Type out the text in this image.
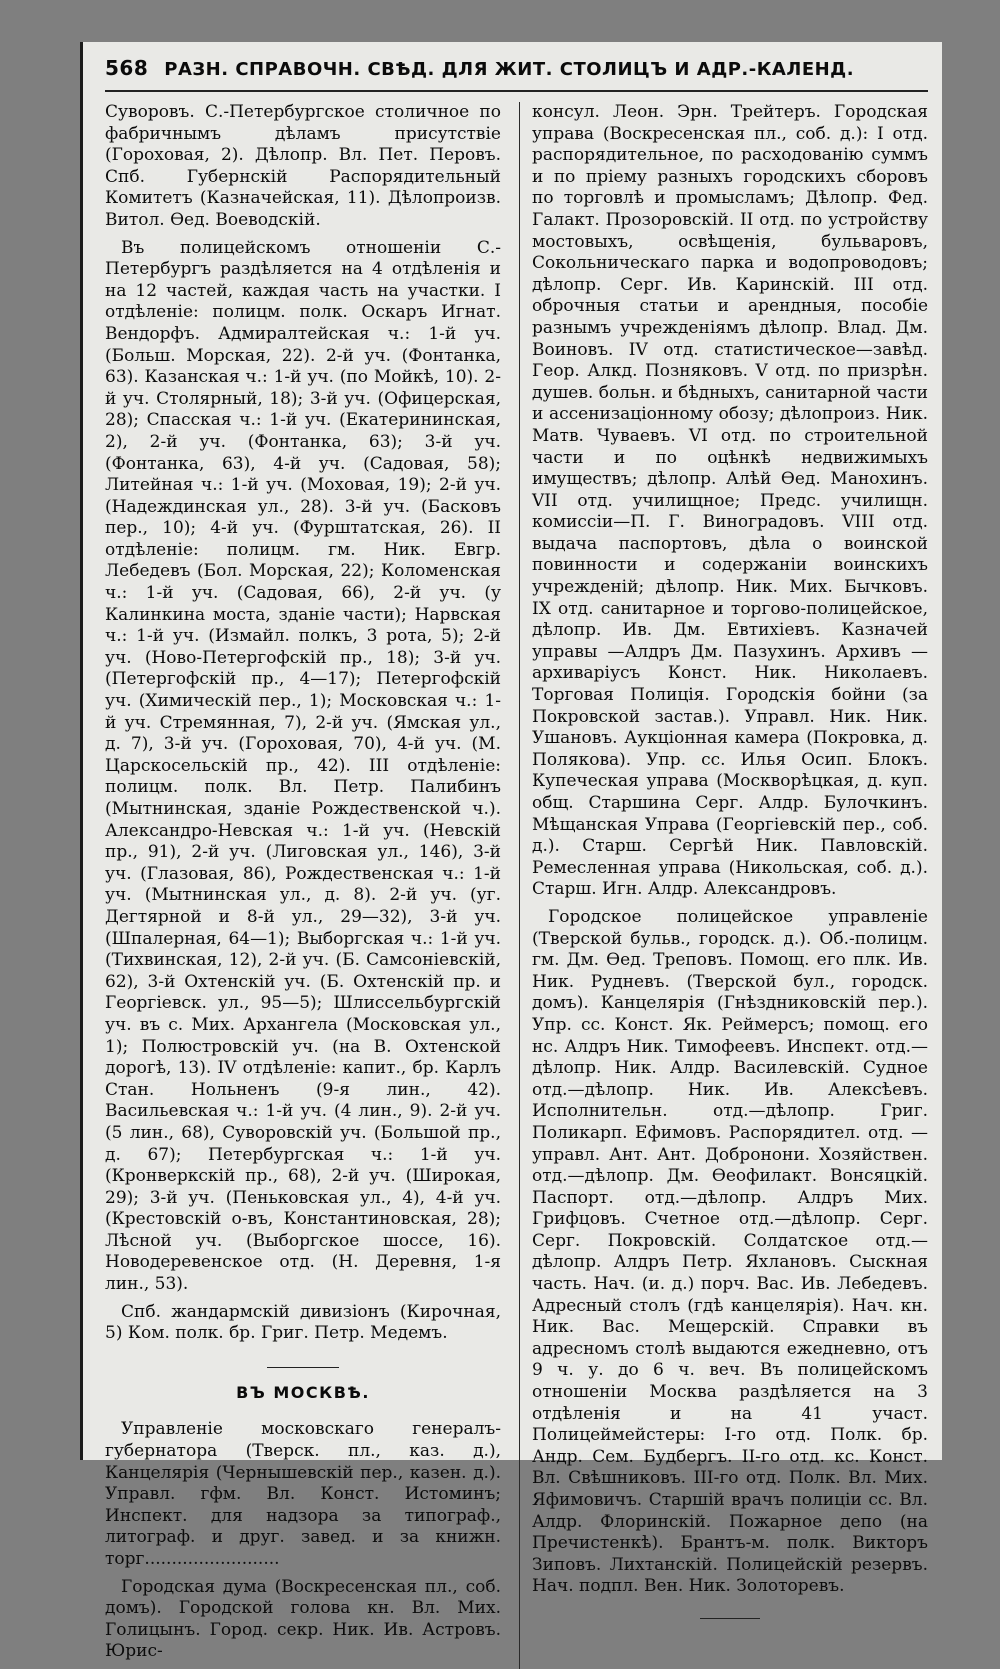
568 РАЗН. СПРАВОЧН. СВѢД. ДЛЯ ЖИТ. СТОЛИЦЪ И АДР.-КАЛЕНД.

Суворовъ. С.-Петербургское столичное по фабричнымъ дѣламъ присутствіе (Гороховая, 2). Дѣлопр. Вл. Пет. Перовъ. Спб. Губернскій Распорядительный Комитетъ (Казначейская, 11). Дѣлопроизв. Витол. Ѳед. Воеводскій.

Въ полицейскомъ отношеніи С.-Петербургъ раздѣляется на 4 отдѣленія и на 12 частей, каждая часть на участки. I отдѣленіе: полицм. полк. Оскаръ Игнат. Вендорфъ. Адмиралтейская ч.: 1-й уч. (Больш. Морская, 22). 2-й уч. (Фонтанка, 63). Казанская ч.: 1-й уч. (по Мойкѣ, 10). 2-й уч. Столярный, 18); 3-й уч. (Офицерская, 28); Спасская ч.: 1-й уч. (Екатерининская, 2), 2-й уч. (Фонтанка, 63); 3-й уч. (Фонтанка, 63), 4-й уч. (Садовая, 58); Литейная ч.: 1-й уч. (Моховая, 19); 2-й уч. (Надеждинская ул., 28). 3-й уч. (Басковъ пер., 10); 4-й уч. (Фурштатская, 26). II отдѣленіе: полицм. гм. Ник. Евгр. Лебедевъ (Бол. Морская, 22); Коломенская ч.: 1-й уч. (Садовая, 66), 2-й уч. (у Калинкина моста, зданіе части); Нарвская ч.: 1-й уч. (Измайл. полкъ, 3 рота, 5); 2-й уч. (Ново-Петергофскій пр., 18); 3-й уч. (Петергофскій пр., 4—17); Петергофскій уч. (Химическій пер., 1); Московская ч.: 1-й уч. Стремянная, 7), 2-й уч. (Ямская ул., д. 7), 3-й уч. (Гороховая, 70), 4-й уч. (М. Царскосельскій пр., 42). III отдѣленіе: полицм. полк. Вл. Петр. Палибинъ (Мытнинская, зданіе Рождественской ч.). Александро-Невская ч.: 1-й уч. (Невскій пр., 91), 2-й уч. (Лиговская ул., 146), 3-й уч. (Глазовая, 86), Рождественская ч.: 1-й уч. (Мытнинская ул., д. 8). 2-й уч. (уг. Дегтярной и 8-й ул., 29—32), 3-й уч. (Шпалерная, 64—1); Выборгская ч.: 1-й уч. (Тихвинская, 12), 2-й уч. (Б. Самсоніевскій, 62), 3-й Охтенскій уч. (Б. Охтенскій пр. и Георгіевск. ул., 95—5); Шлиссельбургскій уч. въ с. Мих. Архангела (Московская ул., 1); Полюстровскій уч. (на В. Охтенской дорогѣ, 13). IV отдѣленіе: капит., бр. Карлъ Стан. Нольненъ (9-я лин., 42). Васильевская ч.: 1-й уч. (4 лин., 9). 2-й уч. (5 лин., 68), Суворовскій уч. (Большой пр., д. 67); Петербургская ч.: 1-й уч. (Кронверкскій пр., 68), 2-й уч. (Широкая, 29); 3-й уч. (Пеньковская ул., 4), 4-й уч. (Крестовскій о-въ, Константиновская, 28); Лѣсной уч. (Выборгское шоссе, 16). Новодеревенское отд. (Н. Деревня, 1-я лин., 53).

Спб. жандармскій дивизіонъ (Кирочная, 5) Ком. полк. бр. Григ. Петр. Медемъ.

ВЪ МОСКВѢ.

Управленіе московскаго генералъ-губернатора (Тверск. пл., каз. д.), Канцелярія (Чернышевскій пер., казен. д.). Управл. гфм. Вл. Конст. Истоминъ; Инспект. для надзора за типограф., литограф. и друг. завед. и за книжн. торг.........................

Городская дума (Воскресенская пл., соб. домъ). Городской голова кн. Вл. Мих. Голицынъ. Город. секр. Ник. Ив. Астровъ. Юрис-

консул. Леон. Эрн. Трейтеръ. Городская управа (Воскресенская пл., соб. д.): I отд. распорядительное, по расходованію суммъ и по пріему разныхъ городскихъ сборовъ по торговлѣ и промысламъ; Дѣлопр. Фед. Галакт. Прозоровскій. II отд. по устройству мостовыхъ, освѣщенія, бульваровъ, Сокольническаго парка и водопроводовъ; дѣлопр. Серг. Ив. Каринскій. III отд. оброчныя статьи и арендныя, пособіе разнымъ учрежденіямъ дѣлопр. Влад. Дм. Воиновъ. IV отд. статистическое—завѣд. Геор. Алкд. Позняковъ. V отд. по призрѣн. душев. больн. и бѣдныхъ, санитарной части и ассенизаціонному обозу; дѣлопроиз. Ник. Матв. Чуваевъ. VI отд. по строительной части и по оцѣнкѣ недвижимыхъ имуществъ; дѣлопр. Алѣй Ѳед. Манохинъ. VII отд. училищное; Предс. училищн. комиссіи—П. Г. Виноградовъ. VIII отд. выдача паспортовъ, дѣла о воинской повинности и содержаніи воинскихъ учрежденій; дѣлопр. Ник. Мих. Бычковъ. IX отд. санитарное и торгово-полицейское, дѣлопр. Ив. Дм. Евтихіевъ. Казначей управы —Алдръ Дм. Пазухинъ. Архивъ — архиваріусъ Конст. Ник. Николаевъ. Торговая Полиція. Городскія бойни (за Покровской застав.). Управл. Ник. Ник. Ушановъ. Аукціонная камера (Покровка, д. Полякова). Упр. сс. Илья Осип. Блокъ. Купеческая управа (Москворѣцкая, д. куп. общ. Старшина Серг. Алдр. Булочкинъ. Мѣщанская Управа (Георгіевскій пер., соб. д.). Старш. Сергѣй Ник. Павловскій. Ремесленная управа (Никольская, соб. д.). Старш. Игн. Алдр. Александровъ.

Городское полицейское управленіе (Тверской бульв., городск. д.). Об.-полицм. гм. Дм. Ѳед. Треповъ. Помощ. его плк. Ив. Ник. Рудневъ. (Тверской бул., городск. домъ). Канцелярія (Гнѣздниковскій пер.). Упр. сс. Конст. Як. Реймерсъ; помощ. его нс. Алдръ Ник. Тимофеевъ. Инспект. отд.—дѣлопр. Ник. Алдр. Василевскій. Судное отд.—дѣлопр. Ник. Ив. Алексѣевъ. Исполнительн. отд.—дѣлопр. Григ. Поликарп. Ефимовъ. Распорядител. отд. —управл. Ант. Ант. Добронони. Хозяйствен. отд.—дѣлопр. Дм. Ѳеофилакт. Вонсяцкій. Паспорт. отд.—дѣлопр. Алдръ Мих. Грифцовъ. Счетное отд.—дѣлопр. Серг. Серг. Покровскій. Солдатское отд.—дѣлопр. Алдръ Петр. Яхлановъ. Сыскная часть. Нач. (и. д.) порч. Вас. Ив. Лебедевъ. Адресный столъ (гдѣ канцелярія). Нач. кн. Ник. Вас. Мещерскій. Справки въ адресномъ столѣ выдаются ежедневно, отъ 9 ч. у. до 6 ч. веч. Въ полицейскомъ отношеніи Москва раздѣляется на 3 отдѣленія и на 41 участ. Полицеймейстеры: I-го отд. Полк. бр. Андр. Сем. Будбергъ. II-го отд. кс. Конст. Вл. Свѣшниковъ. III-го отд. Полк. Вл. Мих. Яфимовичъ. Старшій врачъ полиціи сс. Вл. Алдр. Флоринскій. Пожарное депо (на Пречистенкѣ). Брантъ-м. полк. Викторъ Зиповъ. Лихтанскій. Полицейскій резервъ. Нач. подпл. Вен. Ник. Золоторевъ.
